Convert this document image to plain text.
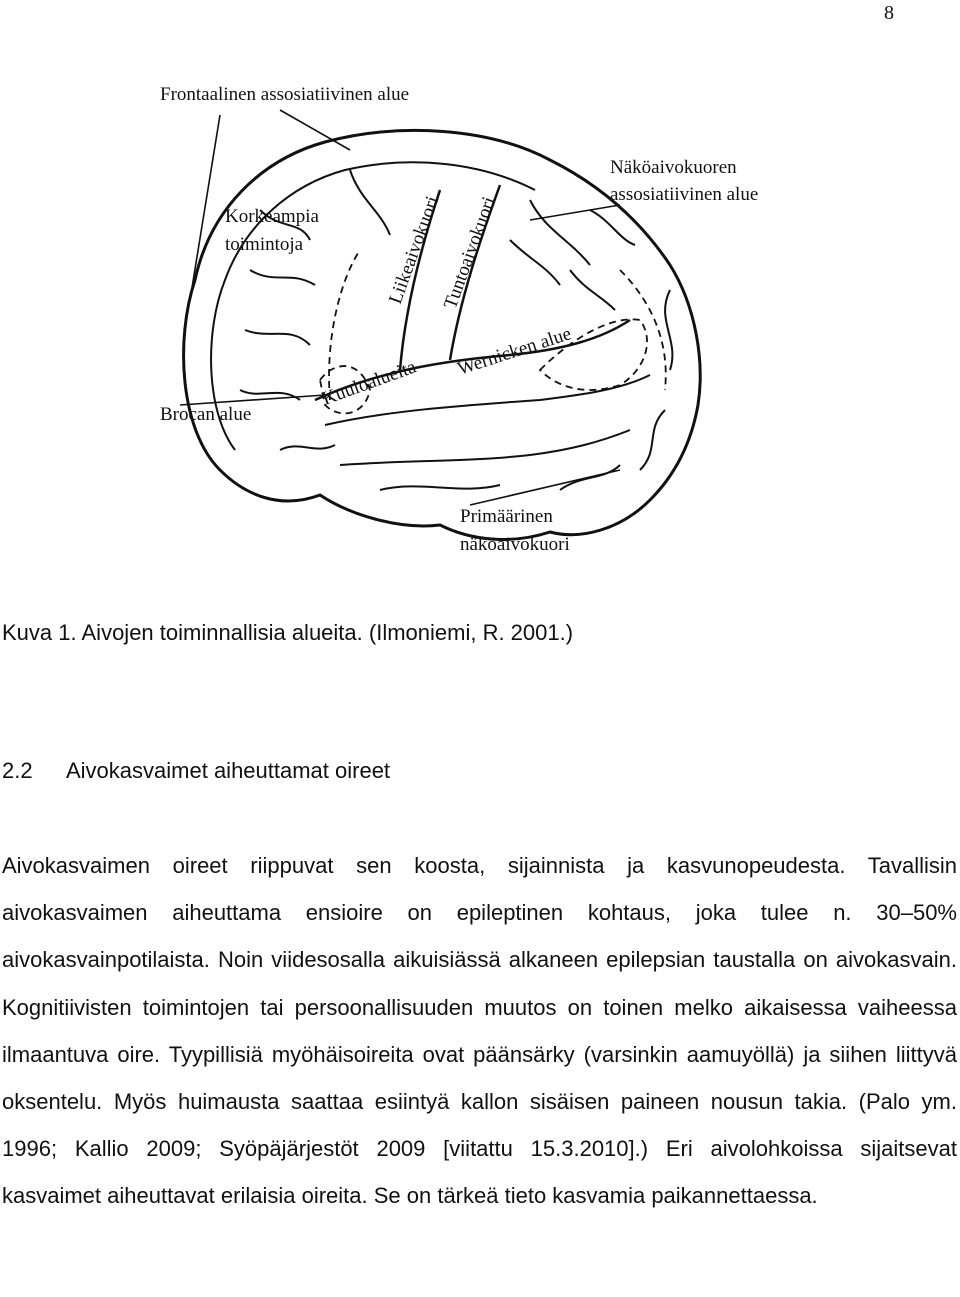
8
Frontaalinen assosiatiivinen alue
Korkeampia
toimintoja
Näköaivokuoren
assosiatiivinen alue
Liikeaivokuori
Tuntoaivokuori
Brocan alue
Kuuloalueita
Wernicken alue
Primäärinen
näköaivokuori
Kuva 1. Aivojen toiminnallisia alueita. (Ilmoniemi, R. 2001.)
2.2 Aivokasvaimet aiheuttamat oireet

Aivokasvaimen oireet riippuvat sen koosta, sijainnista ja kasvunopeudesta. Tavallisin aivokasvaimen aiheuttama ensioire on epileptinen kohtaus, joka tulee n. 30–50% aivokasvainpotilaista. Noin viidesosalla aikuisiässä alkaneen epilepsian taustalla on aivokasvain. Kognitiivisten toimintojen tai persoonallisuuden muutos on toinen melko aikaisessa vaiheessa ilmaantuva oire. Tyypillisiä myöhäisoireita ovat päänsärky (varsinkin aamuyöllä) ja siihen liittyvä oksentelu. Myös huimausta saattaa esiintyä kallon sisäisen paineen nousun takia. (Palo ym. 1996; Kallio 2009; Syöpäjärjestöt 2009 [viitattu 15.3.2010].) Eri aivolohkoissa sijaitsevat kasvaimet aiheuttavat erilaisia oireita. Se on tärkeä tieto kasvamia paikannettaessa.
